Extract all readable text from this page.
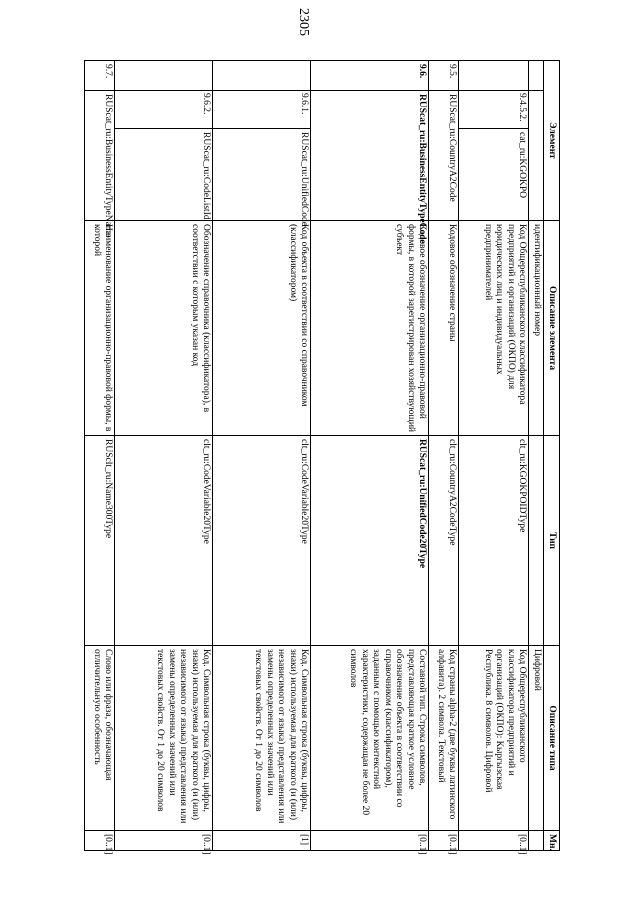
2305
Элемент			Описание элемента	Тип	Описание типа	Мн.
			идентификационный номер		Цифровой	
	9.4.5.2.	cat_ru:KGOKPO	Код Общереспубликанского классификатора предприятий и организаций (ОКПО) для юридических лиц и индивидуальных предпринимателей	clt_ru:KGOKPOIDType	Код Общереспубликанского классификатора предприятий и организаций (ОКПО): Кыргызская Республика. 8 символов. Цифровой	[0..1]
9.5.	RUScat_ru:CountryA2Code		Кодовое обозначение страны	clt_ru:CountryA2CodeType	Код страны alpha-2 (две буквы латинского алфавита). 2 символа. Текстовый	[0..1]
9.6.	RUScat_ru:BusinessEntityTypeCode		Кодовое обозначение организационно-правовой формы, в которой зарегистрирован хозяйствующий субъект	RUScat_ru:UnifiedCode20Type	Составной тип. Строка символов, представляющая краткое условное обозначение объекта в соответствии со справочником (классификатором), заданным с помощью контекстной характеристики, содержащая не более 20 символов	[0..1]
	9.6.1.	RUScat_ru:UnifiedCode	Код объекта в соответствии со справочником (классификатором)	clt_ru:CodeVariable20Type	Код. Символьная строка (буквы, цифры, знаки) используемая для краткого (и (или) независимого от языка) представления или замены определенных значений или текстовых свойств. От 1 до 20 символов	[1]
	9.6.2.	RUScat_ru:CodeListId	Обозначение справочника (классификатора), в соответствии с которым указан код	clt_ru:CodeVariable20Type	Код. Символьная строка (буквы, цифры, знаки) используемая для краткого (и (или) независимого от языка) представления или замены определенных значений или текстовых свойств. От 1 до 20 символов	[0..1]
9.7.	RUScat_ru:BusinessEntityTypeName		Наименование организационно-правовой формы, в которой	RUSclt_ru:Name300Type	Слово или фраза, обозначающая отличительную особенность	[0..1]
